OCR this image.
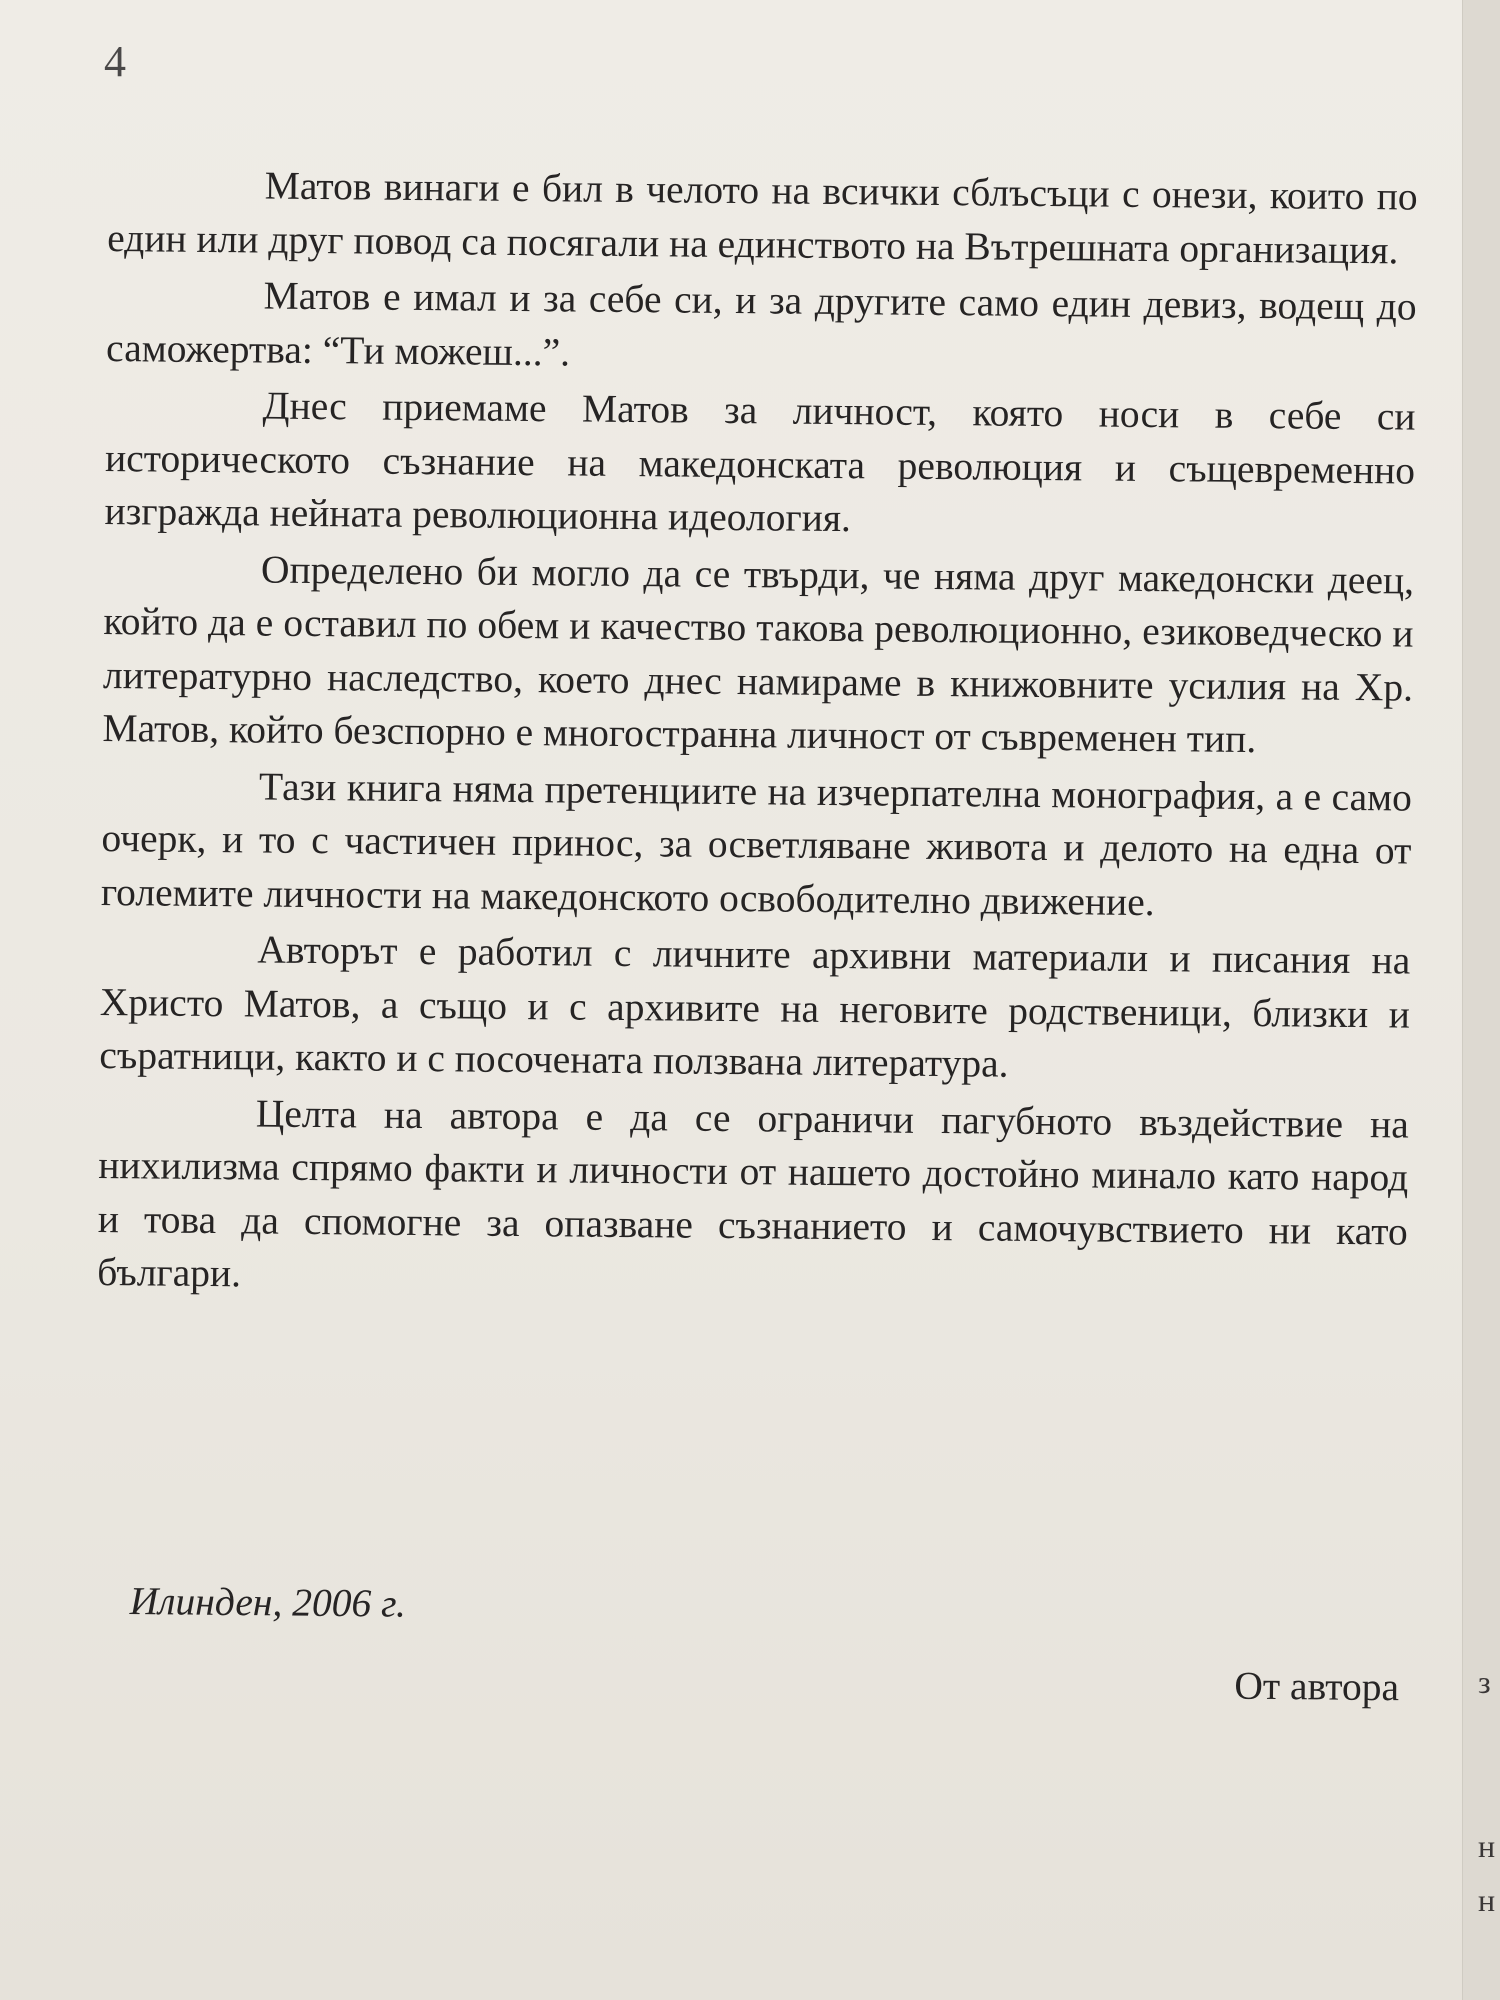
4

Матов винаги е бил в челото на всички сблъсъци с онези, които по един или друг повод са посягали на единството на Вътрешната организация.

Матов е имал и за себе си, и за другите само един девиз, водещ до саможертва: “Ти можеш...”.

Днес приемаме Матов за личност, която носи в себе си историческото съзнание на македонската революция и същевременно изгражда нейната революционна идеология.

Определено би могло да се твърди, че няма друг македонски деец, който да е оставил по обем и качество такова революционно, езиковедческо и литературно наследство, което днес намираме в книжовните усилия на Хр. Матов, който безспорно е многостранна личност от съвременен тип.

Тази книга няма претенциите на изчерпателна монография, а е само очерк, и то с частичен принос, за осветляване живота и делото на една от големите личности на македонското освободително движение.

Авторът е работил с личните архивни материали и писания на Христо Матов, а също и с архивите на неговите родственици, близки и съратници, както и с посочената ползвана литература.

Целта на автора е да се ограничи пагубното въздействие на нихилизма спрямо факти и личности от нашето достойно минало като народ и това да спомогне за опазване съзнанието и самочувствието ни като българи.

Илинден, 2006 г.
От автора з
н
н
